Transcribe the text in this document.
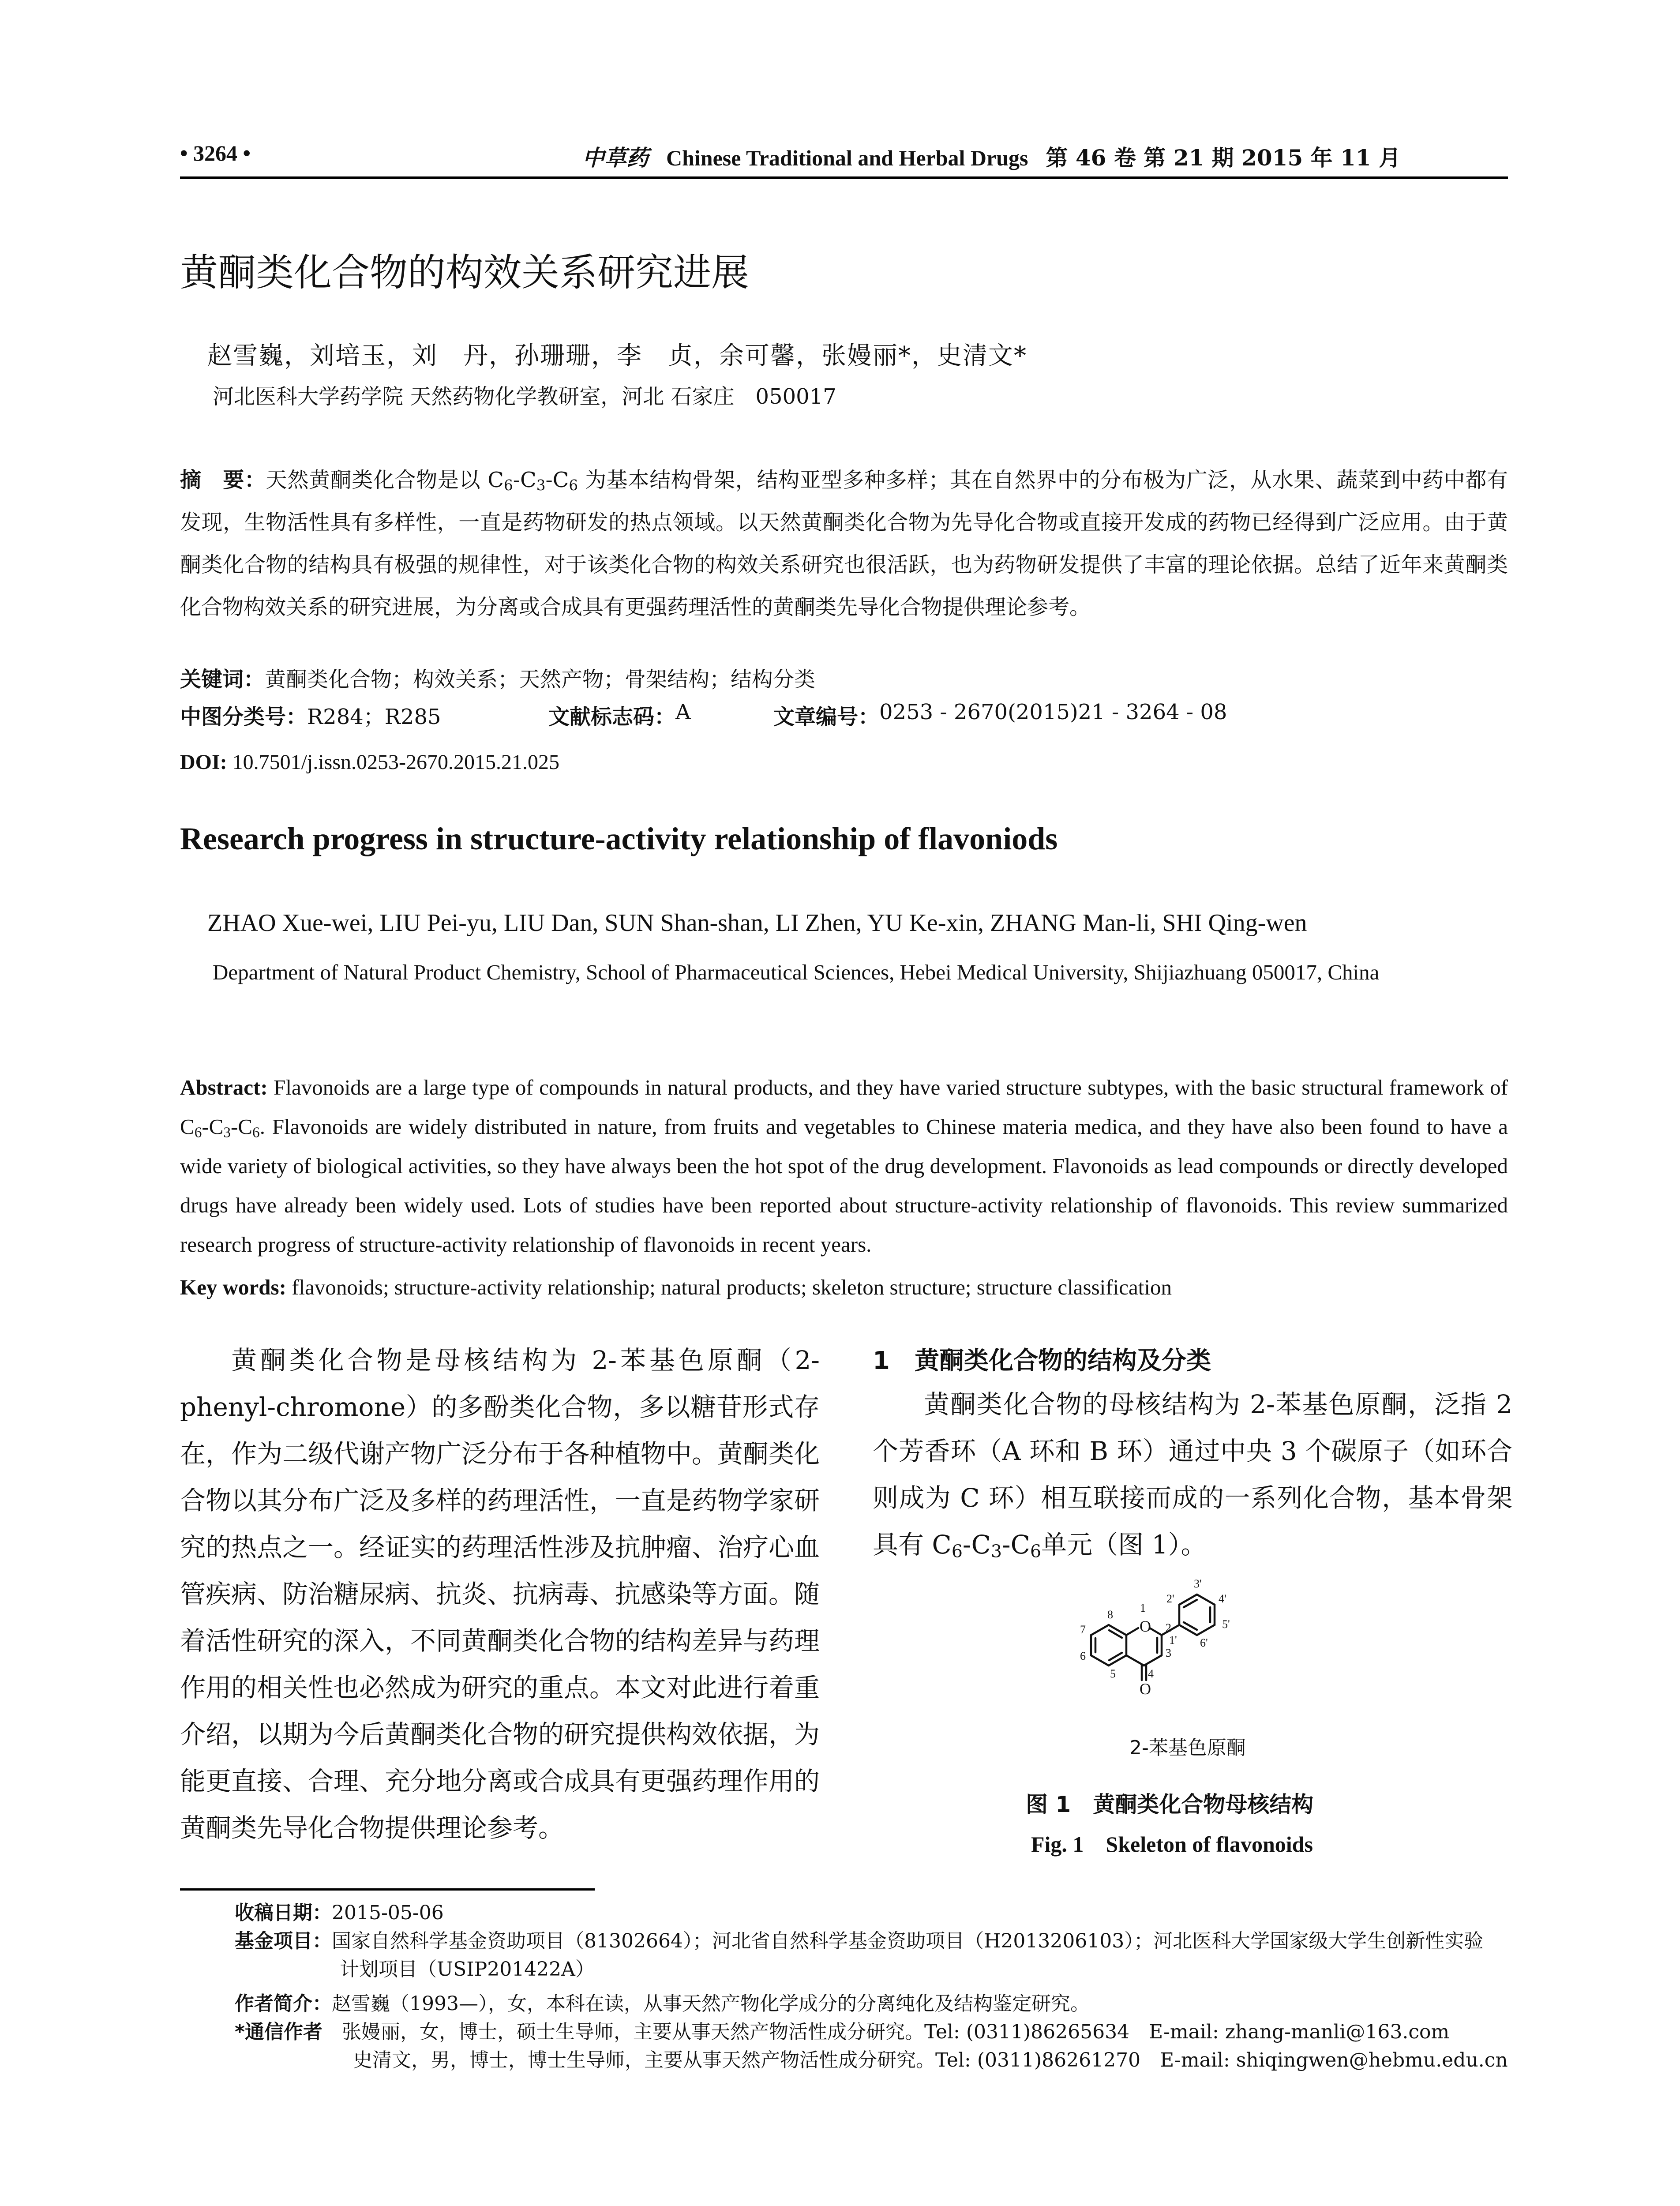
• 3264 •	中草药 Chinese Traditional and Herbal Drugs 第 46 卷 第 21 期 2015 年 11 月
黄酮类化合物的构效关系研究进展
赵雪巍，刘培玉，刘　丹，孙珊珊，李　贞，余可馨，张嫚丽*，史清文*
河北医科大学药学院 天然药物化学教研室，河北 石家庄　050017
摘　要：天然黄酮类化合物是以 $C_6-C_3-C_6$ 为基本结构骨架，结构亚型多种多样；其在自然界中的分布极为广泛，从水果、蔬菜到中药中都有发现，生物活性具有多样性，一直是药物研发的热点领域。以天然黄酮类化合物为先导化合物或直接开发成的药物已经得到广泛应用。由于黄酮类化合物的结构具有极强的规律性，对于该类化合物的构效关系研究也很活跃，也为药物研发提供了丰富的理论依据。总结了近年来黄酮类化合物构效关系的研究进展，为分离或合成具有更强药理活性的黄酮类先导化合物提供理论参考。
关键词：黄酮类化合物；构效关系；天然产物；骨架结构；结构分类
中图分类号： R284；R285	文献标志码： A	文章编号： 0253 - 2670(2015)21 - 3264 - 08
DOI: 10.7501/j.issn.0253-2670.2015.21.025
Research progress in structure-activity relationship of flavoniods
ZHAO Xue-wei, LIU Pei-yu, LIU Dan, SUN Shan-shan, LI Zhen, YU Ke-xin, ZHANG Man-li, SHI Qing-wen
Department of Natural Product Chemistry, School of Pharmaceutical Sciences, Hebei Medical University, Shijiazhuang 050017, China
Abstract: Flavonoids are a large type of compounds in natural products, and they have varied structure subtypes, with the basic structural framework of $C_6-C_3-C_6$. Flavonoids are widely distributed in nature, from fruits and vegetables to Chinese materia medica, and they have also been found to have a wide variety of biological activities, so they have always been the hot spot of the drug development. Flavonoids as lead compounds or directly developed drugs have already been widely used. Lots of studies have been reported about structure-activity relationship of flavonoids. This review summarized research progress of structure-activity relationship of flavonoids in recent years.
Key words: flavonoids; structure-activity relationship; natural products; skeleton structure; structure classification

黄酮类化合物是母核结构为 2-苯基色原酮（2-phenyl-chromone）的多酚类化合物，多以糖苷形式存在，作为二级代谢产物广泛分布于各种植物中。黄酮类化合物以其分布广泛及多样的药理活性，一直是药物学家研究的热点之一。经证实的药理活性涉及抗肿瘤、治疗心血管疾病、防治糖尿病、抗炎、抗病毒、抗感染等方面。随着活性研究的深入，不同黄酮类化合物的结构差异与药理作用的相关性也必然成为研究的重点。本文对此进行着重介绍，以期为今后黄酮类化合物的研究提供构效依据，为能更直接、合理、充分地分离或合成具有更强药理作用的黄酮类先导化合物提供理论参考。

1　黄酮类化合物的结构及分类

黄酮类化合物的母核结构为 2-苯基色原酮，泛指 2 个芳香环（A 环和 B 环）通过中央 3 个碳原子（如环合则成为 C 环）相互联接而成的一系列化合物，基本骨架具有 $C_6-C_3-C_6$单元（图 1）。

O
O
1
2
3
4
5
6
7
8
1'
2'
3'
4'
5'
6'
2-苯基色原酮
图 1　黄酮类化合物母核结构
Fig. 1　Skeleton of flavonoids
收稿日期：2015-05-06
基金项目：国家自然科学基金资助项目（81302664）；河北省自然科学基金资助项目（H2013206103）；河北医科大学国家级大学生创新性实验
计划项目（USIP201422A）
作者简介：赵雪巍（1993—），女，本科在读，从事天然产物化学成分的分离纯化及结构鉴定研究。
*通信作者　 张嫚丽，女，博士，硕士生导师，主要从事天然产物活性成分研究。Tel: (0311)86265634　E-mail: zhang-manli@163.com
史清文，男，博士，博士生导师，主要从事天然产物活性成分研究。Tel: (0311)86261270　E-mail: shiqingwen@hebmu.edu.cn
